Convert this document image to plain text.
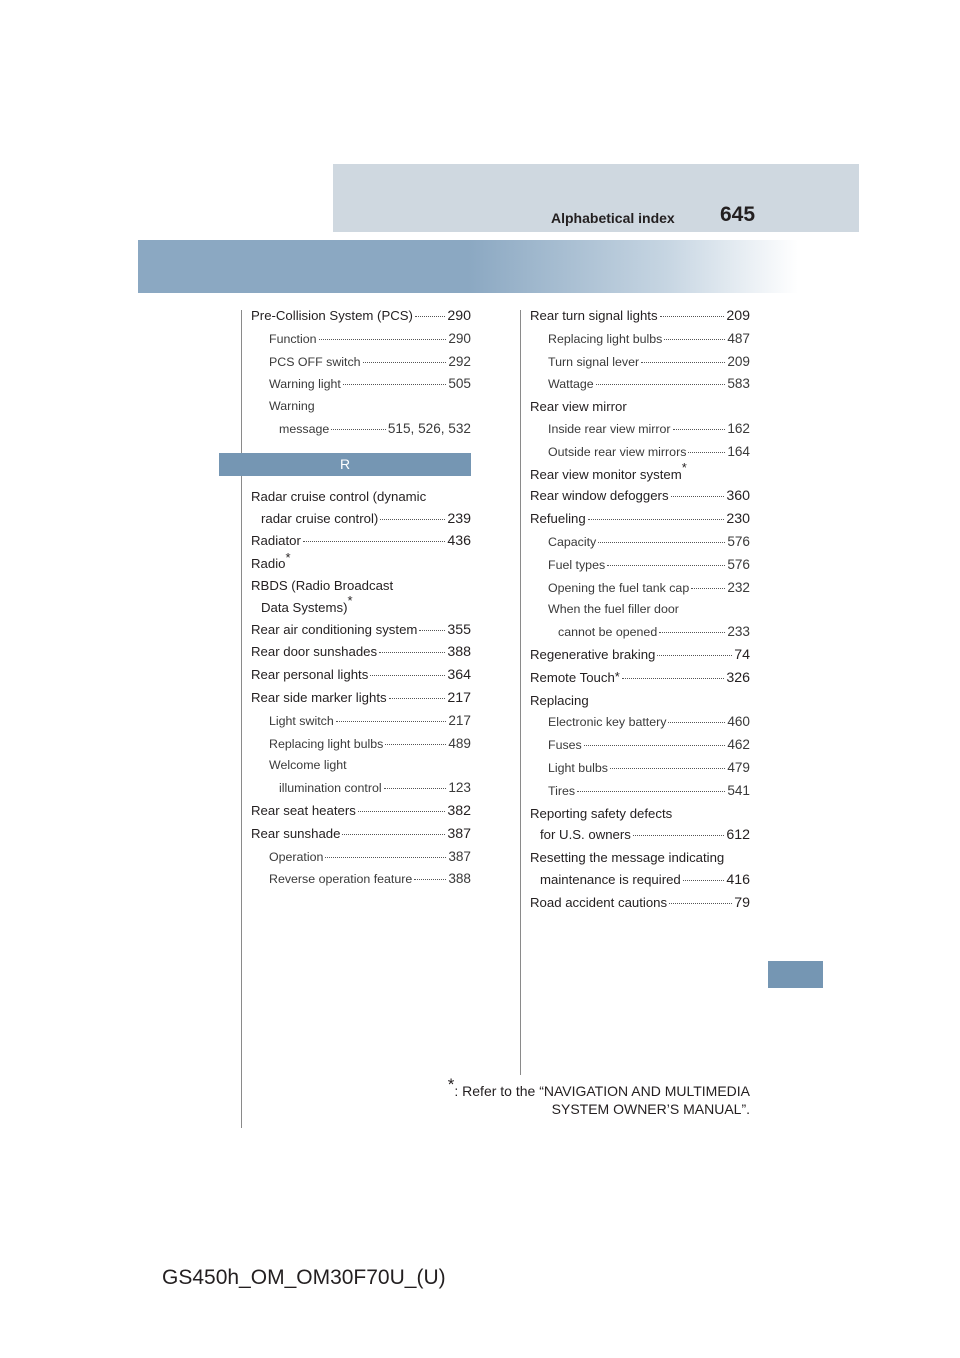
Alphabetical index 645
Pre-Collision System (PCS) 290
Function	290
PCS OFF switch	292
Warning light	505
Warning
message	515, 526, 532
R
Radar cruise control (dynamic
radar cruise control)	239
Radiator	436
Radio*
RBDS (Radio Broadcast
Data Systems)*
Rear air conditioning system 355
Rear door sunshades	388
Rear personal lights	364
Rear side marker lights	217
Light switch	217
Replacing light bulbs	489
Welcome light
illumination control	123
Rear seat heaters	382
Rear sunshade	387
Operation	387
Reverse operation feature	388
Rear turn signal lights	209
Replacing light bulbs	487
Turn signal lever	209
Wattage	583
Rear view mirror
Inside rear view mirror	162
Outside rear view mirrors	164
Rear view monitor system*
Rear window defoggers	360
Refueling	230
Capacity	576
Fuel types	576
Opening the fuel tank cap	232
When the fuel filler door
cannot be opened	233
Regenerative braking	74
Remote Touch*	326
Replacing
Electronic key battery	460
Fuses	462
Light bulbs	479
Tires	541
Reporting safety defects
for U.S. owners	612
Resetting the message indicating
maintenance is required	416
Road accident cautions	79
*: Refer to the “NAVIGATION AND MULTIMEDIA
SYSTEM OWNER’S MANUAL”.
GS450h_OM_OM30F70U_(U)
